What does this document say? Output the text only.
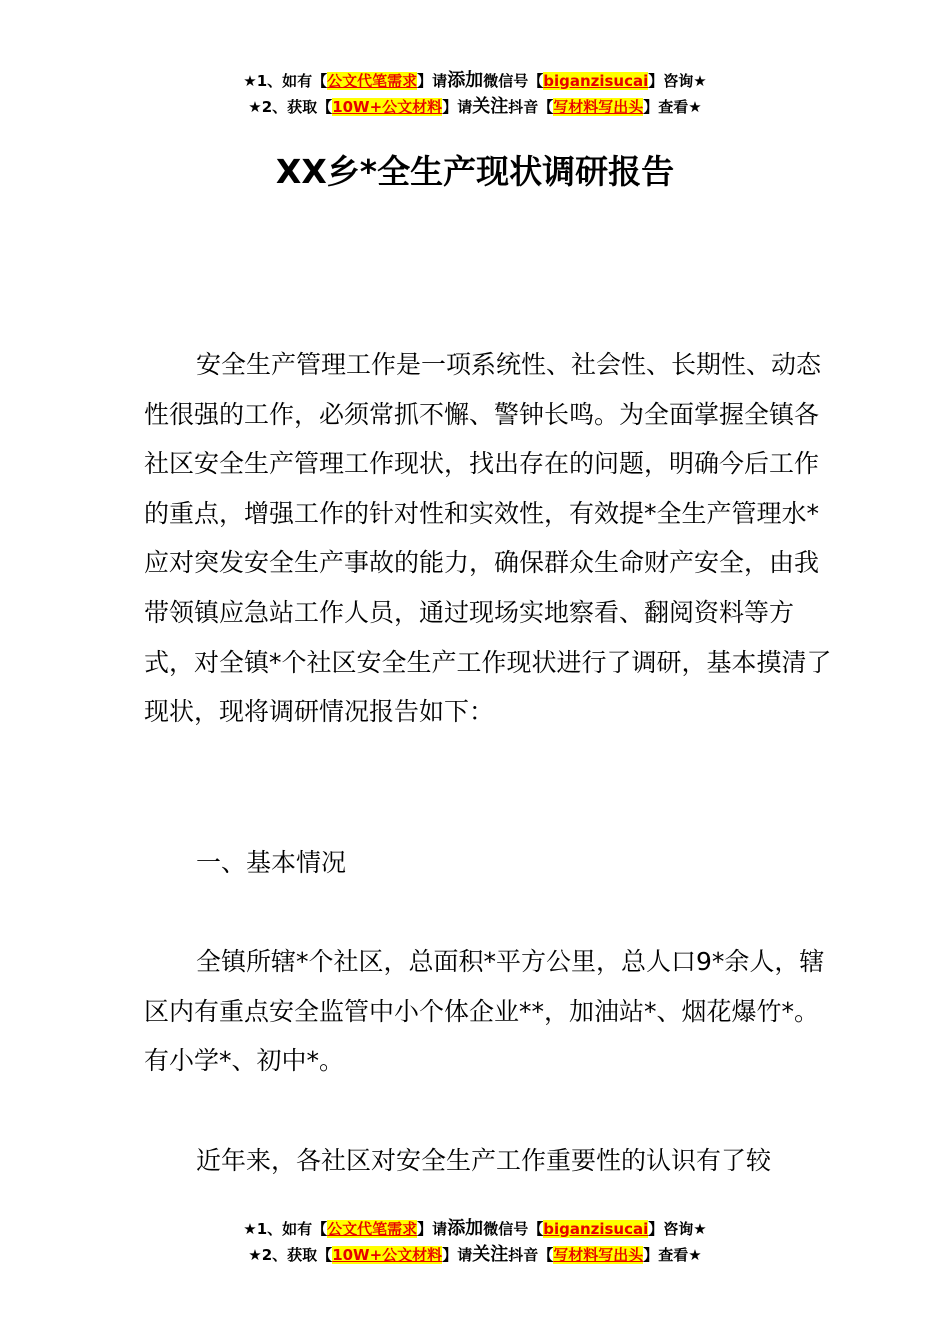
★1、如有【公文代笔需求】请添加微信号【biganzisucai】咨询★
★2、获取【10W+公文材料】请关注抖音【写材料写出头】查看★
XX乡*全生产现状调研报告

安全生产管理工作是一项系统性、社会性、长期性、动态性很强的工作，必须常抓不懈、警钟长鸣。为全面掌握全镇各社区安全生产管理工作现状，找出存在的问题，明确今后工作的重点，增强工作的针对性和实效性，有效提*全生产管理水*应对突发安全生产事故的能力，确保群众生命财产安全，由我带领镇应急站工作人员，通过现场实地察看、翻阅资料等方式，对全镇*个社区安全生产工作现状进行了调研，基本摸清了现状，现将调研情况报告如下：

一、基本情况

全镇所辖*个社区，总面积*平方公里，总人口9*余人，辖区内有重点安全监管中小个体企业**，加油站*、烟花爆竹*。有小学*、初中*。

近年来，各社区对安全生产工作重要性的认识有了较

★1、如有【公文代笔需求】请添加微信号【biganzisucai】咨询★
★2、获取【10W+公文材料】请关注抖音【写材料写出头】查看★
